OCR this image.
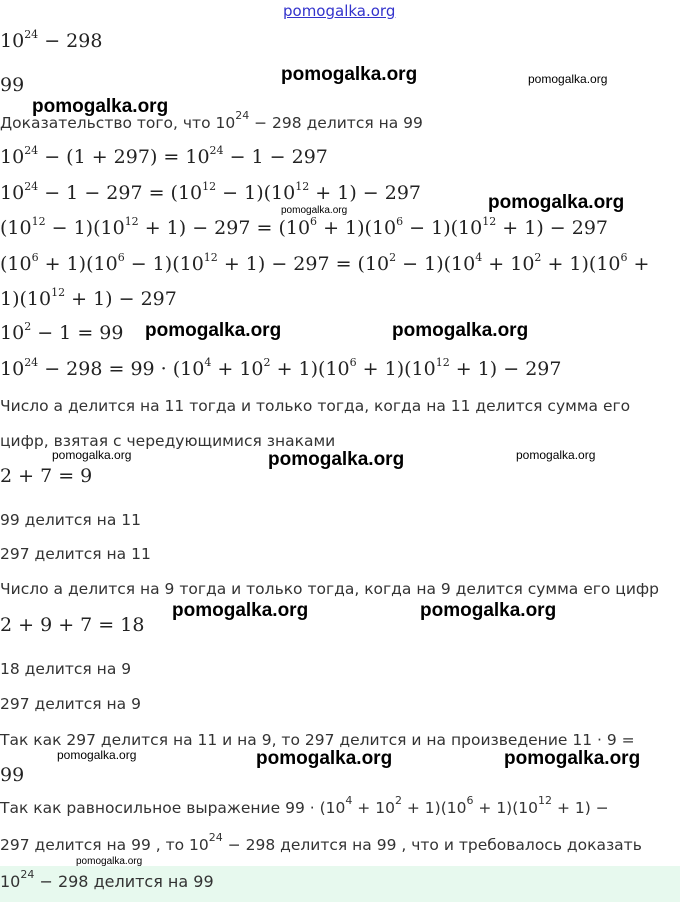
pomogalka.org
$10^{24} - 298$
99
Доказательство того, что $10^{24} - 298$ делится на 99
$10^{24} - (1 + 297) = 10^{24} - 1 - 297$
$10^{24} - 1 - 297 = (10^{12} - 1)(10^{12} + 1) - 297$
$(10^{12} - 1)(10^{12} + 1) - 297 = (10^6 + 1)(10^6 - 1)(10^{12} + 1) - 297$
$(10^6 + 1)(10^6 - 1)(10^{12} + 1) - 297 = (10^2 - 1)(10^4 + 10^2 + 1)(10^6$ +
$1)(10^{12} + 1) - 297$
$10^2 - 1 = 99$
$10^{24} - 298 = 99 \cdot (10^4 + 10^2 + 1)(10^6 + 1)(10^{12} + 1) - 297$
Число a делится на 11 тогда и только тогда, когда на 11 делится сумма его
цифр, взятая с чередующимися знаками
2 + 7 = 9
99 делится на 11
297 делится на 11
Число a делится на 9 тогда и только тогда, когда на 9 делится сумма его цифр
2 + 9 + 7 = 18
18 делится на 9
297 делится на 9
Так как 297 делится на 11 и на 9, то 297 делится и на произведение 11 · 9 =
99
Так как равносильное выражение $99 \cdot (10^4 + 10^2 + 1)(10^6 + 1)(10^{12} + 1)$ −
297 делится на 99 , то $10^{24} - 298$ делится на 99 , что и требовалось доказать
$10^{24} - 298$ делится на 99
pomogalka.org	pomogalka.org
pomogalka.org
pomogalka.org
pomogalka.org
pomogalka.org	pomogalka.org
pomogalka.org	pomogalka.org	pomogalka.org
pomogalka.org	pomogalka.org
pomogalka.org	pomogalka.org	pomogalka.org
pomogalka.org
